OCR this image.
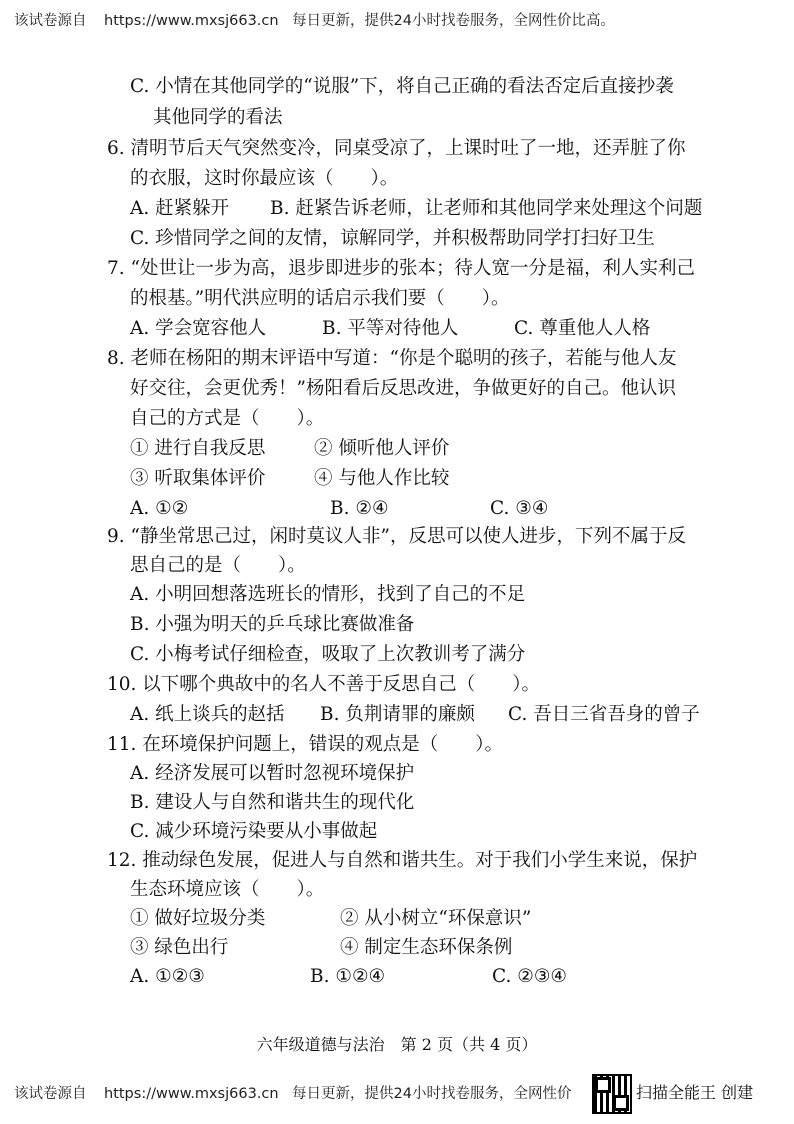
该试卷源自 https://www.mxsj663.cn 每日更新，提供24小时找卷服务，全网性价比高。
C. 小情在其他同学的“说服”下，将自己正确的看法否定后直接抄袭
其他同学的看法
6. 清明节后天气突然变冷，同桌受凉了，上课时吐了一地，还弄脏了你
的衣服，这时你最应该（　　）。
A. 赶紧躲开 B. 赶紧告诉老师，让老师和其他同学来处理这个问题
C. 珍惜同学之间的友情，谅解同学，并积极帮助同学打扫好卫生
7. “处世让一步为高，退步即进步的张本；待人宽一分是福，利人实利己
的根基。”明代洪应明的话启示我们要（　　）。
A. 学会宽容他人	B. 平等对待他人	C. 尊重他人人格
8. 老师在杨阳的期末评语中写道：“你是个聪明的孩子，若能与他人友
好交往，会更优秀！”杨阳看后反思改进，争做更好的自己。他认识
自己的方式是（　　）。
① 进行自我反思	② 倾听他人评价
③ 听取集体评价	④ 与他人作比较
A. ①②	B. ②④	C. ③④
9. “静坐常思己过，闲时莫议人非”，反思可以使人进步，下列不属于反
思自己的是（　　）。
A. 小明回想落选班长的情形，找到了自己的不足
B. 小强为明天的乒乓球比赛做准备
C. 小梅考试仔细检查，吸取了上次教训考了满分
10. 以下哪个典故中的名人不善于反思自己（　　）。
A. 纸上谈兵的赵括 B. 负荆请罪的廉颇 C. 吾日三省吾身的曾子
11. 在环境保护问题上，错误的观点是（　　）。
A. 经济发展可以暂时忽视环境保护
B. 建设人与自然和谐共生的现代化
C. 减少环境污染要从小事做起
12. 推动绿色发展，促进人与自然和谐共生。对于我们小学生来说，保护
生态环境应该（　　）。
① 做好垃圾分类	② 从小树立“环保意识”
③ 绿色出行	④ 制定生态环保条例
A. ①②③	B. ①②④	C. ②③④
六年级道德与法治　第 2 页（共 4 页）
该试卷源自 https://www.mxsj663.cn 每日更新，提供24小时找卷服务，全网性价	扫描全能王 创建
